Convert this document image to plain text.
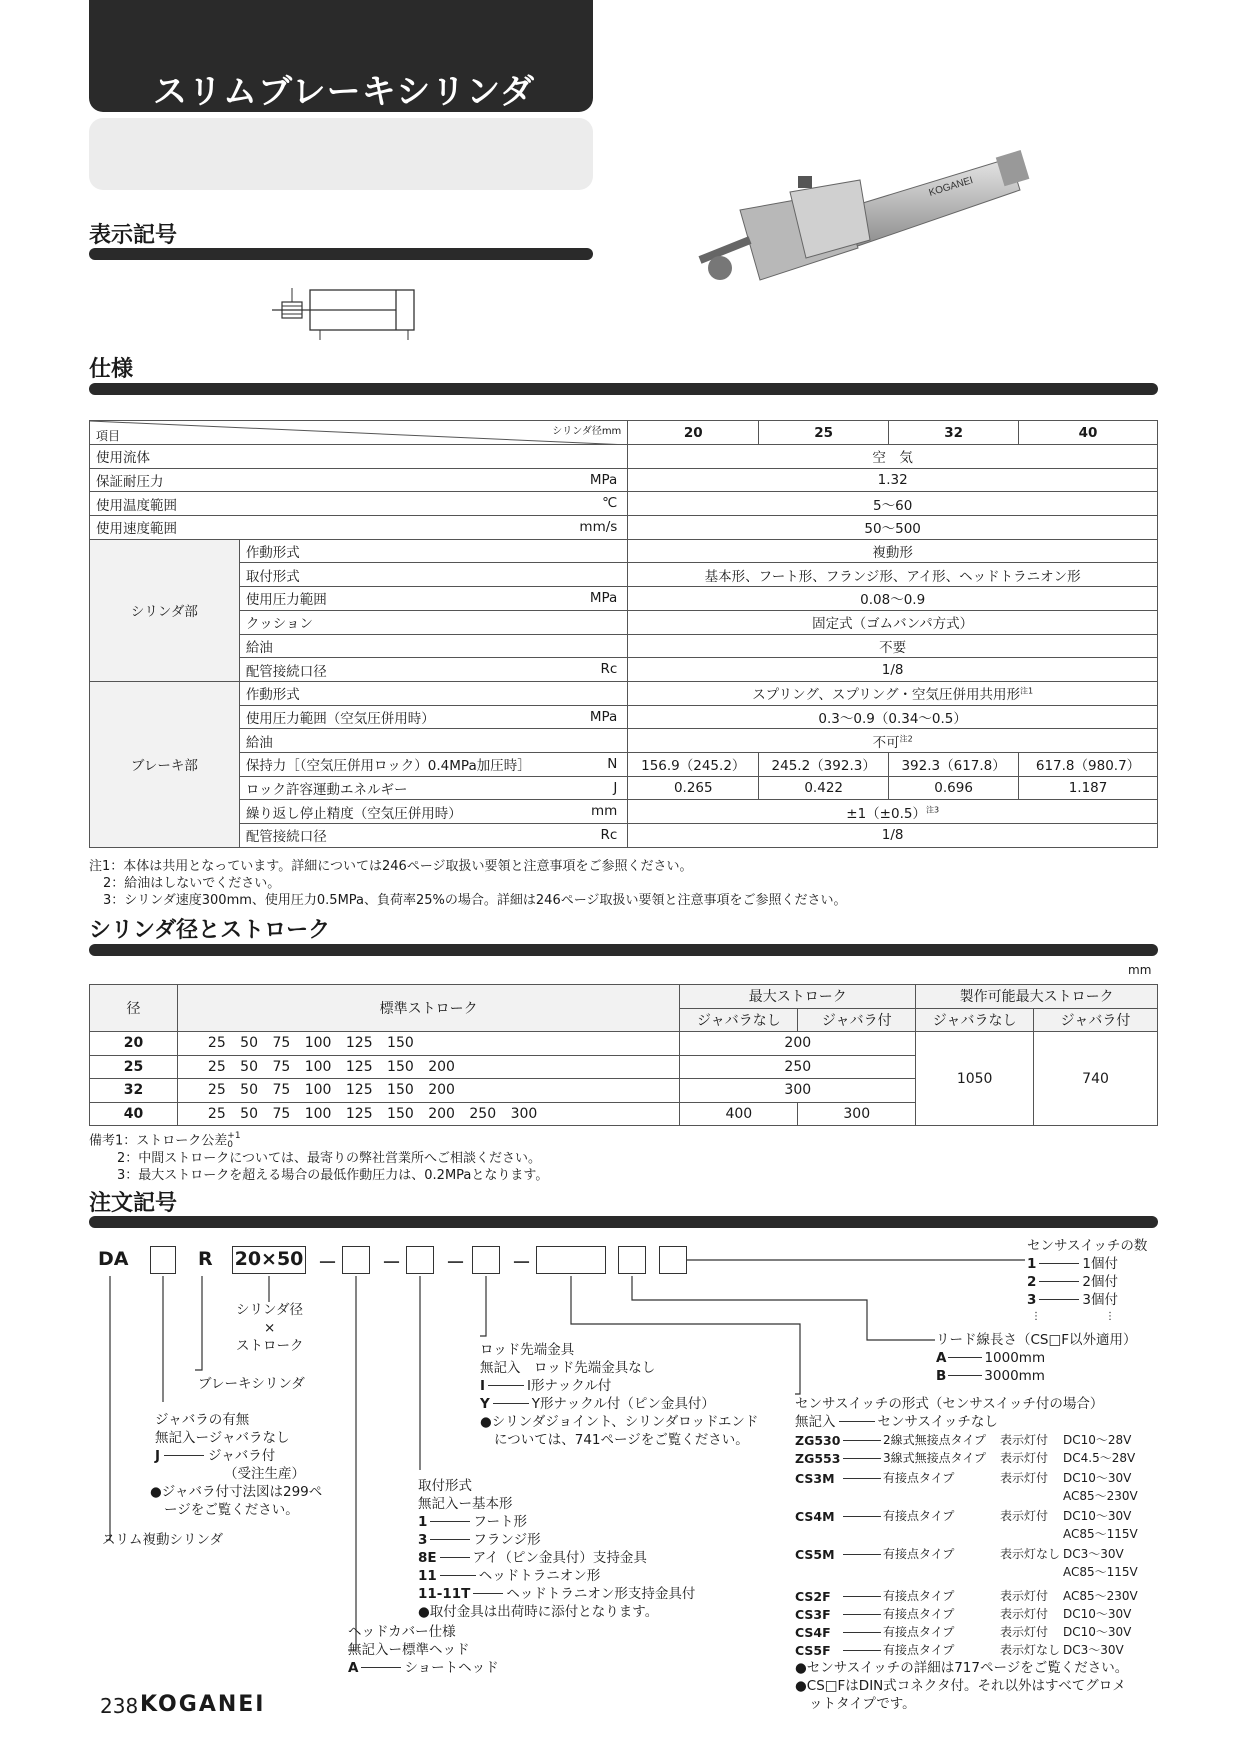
スリムブレーキシリンダ
表示記号
KOGANEI
仕様
項目 シリンダ径mm		20	25	32	40
使用流体		空　気			
保証耐圧力 MPa		1.32			
使用温度範囲 ℃		5～60			
使用速度範囲 mm/s		50～500			
シリンダ部	作動形式	複動形			
	取付形式	基本形、フート形、フランジ形、アイ形、ヘッドトラニオン形			
	使用圧力範囲 MPa	0.08～0.9			
	クッション	固定式（ゴムバンパ方式）			
	給油	不要			
	配管接続口径 Rc	1/8			
ブレーキ部	作動形式	スプリング、スプリング・空気圧併用共用形$^{注1}$
	使用圧力範囲（空気圧併用時） MPa	0.3～0.9（0.34～0.5）			
	給油	不可$^{注2}$
	保持力［（空気圧併用ロック）0.4MPa加圧時］ N	156.9（245.2）	245.2（392.3）	392.3（617.8）	617.8（980.7）
	ロック許容運動エネルギー J	0.265	0.422	0.696	1.187
	繰り返し停止精度（空気圧併用時） mm	$\pm 1(\pm 0.5)^{注3}$
	配管接続口径 Rc	1/8			
注1：本体は共用となっています。詳細については246ページ取扱い要領と注意事項をご参照ください。
2：給油はしないでください。
3：シリンダ速度300mm、使用圧力0.5MPa、負荷率25%の場合。詳細は246ページ取扱い要領と注意事項をご参照ください。
シリンダ径とストローク
mm
径	標準ストローク	最大ストローク		製作可能最大ストローク	
		ジャバラなし	ジャバラ付	ジャバラなし	ジャバラ付
20	25 50 75 100 125 150	200		1050	740
25	25 50 75 100 125 150 200	250			
32	25 50 75 100 125 150 200	300			
40	25 50 75 100 125 150 200 250 300	400	300		
備考1：ストローク公差+1
0
2：中間ストロークについては、最寄りの弊社営業所へご相談ください。
3：最大ストロークを超える場合の最低作動圧力は、0.2MPaとなります。
注文記号
DA	R 20×50 － － － －
センサスイッチの数
1	1個付
2	2個付
3	3個付
⋮	⋮
シリンダ径
×
ストローク
ブレーキシリンダ
ジャバラの有無
無記入ージャバラなし
J	ジャバラ付
（受注生産）
●ジャバラ付寸法図は299ペ
ージをご覧ください。
スリム複動シリンダ
ロッド先端金具
無記入　ロッド先端金具なし
I	I形ナックル付
Y	Y形ナックル付（ピン金具付）
●シリンダジョイント、シリンダロッドエンド
については、741ページをご覧ください。
取付形式
無記入ー基本形
1	フート形
3	フランジ形
8E	アイ（ピン金具付）支持金具
11	ヘッドトラニオン形
11-11T	ヘッドトラニオン形支持金具付
●取付金具は出荷時に添付となります。
ヘッドカバー仕様
無記入ー標準ヘッド
A	ショートヘッド
リード線長さ（CS□F以外適用）
A	1000mm
B	3000mm
センサスイッチの形式（センサスイッチ付の場合）
無記入	センサスイッチなし
ZG530	2線式無接点タイプ 表示灯付 DC10～28V
ZG553	3線式無接点タイプ 表示灯付 DC4.5～28V
CS3M	有接点タイプ	表示灯付 DC10～30V
AC85～230V
CS4M	有接点タイプ	表示灯付 DC10～30V
AC85～115V
CS5M	有接点タイプ	表示灯なし DC3～30V
AC85～115V
CS2F	有接点タイプ	表示灯付 AC85～230V
CS3F	有接点タイプ	表示灯付 DC10～30V
CS4F	有接点タイプ	表示灯付 DC10～30V
CS5F	有接点タイプ	表示灯なし DC3～30V
●センサスイッチの詳細は717ページをご覧ください。
●CS□FはDIN式コネクタ付。それ以外はすべてグロメ
ットタイプです。
238 KOGANEI
